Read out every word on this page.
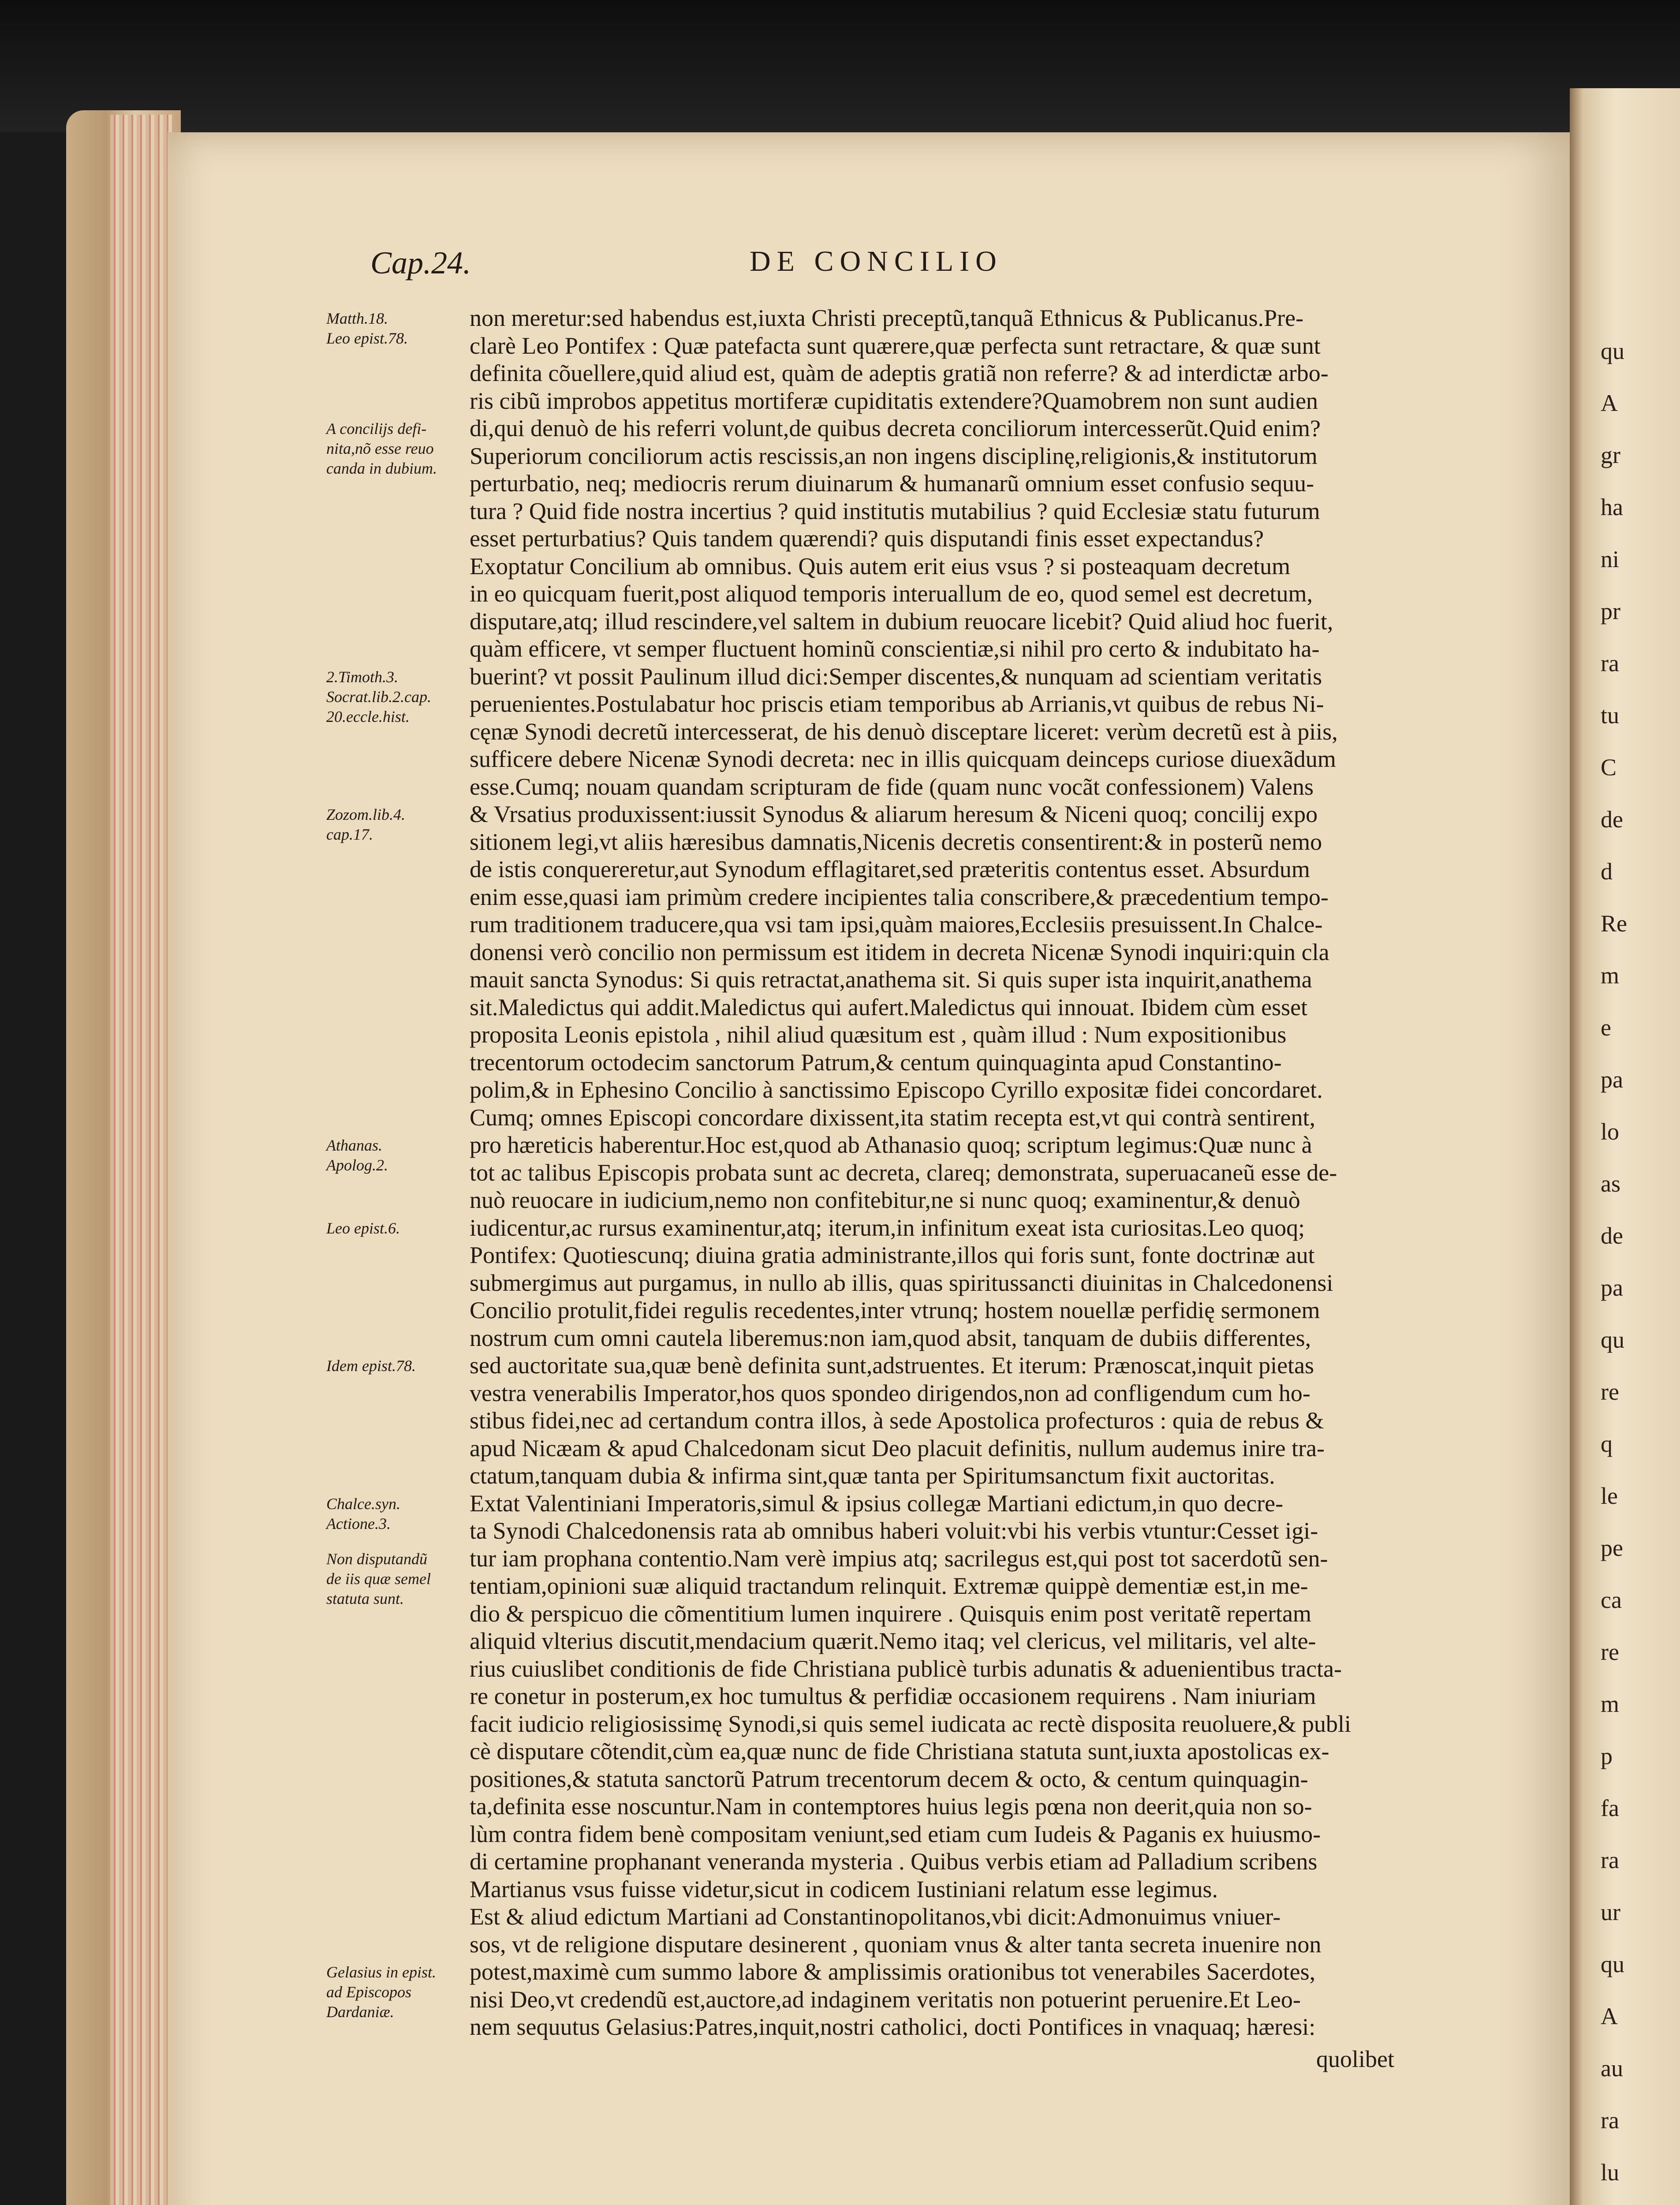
qu
A
gr
ha
ni
pr
ra
tu
C
de
d
Re
m
e
pa
lo
as
de
pa
qu
re
q
le
pe
ca
re
m
p
fa
ra
ur
qu
A
au
ra
lu
Cap.24.	DE CONCILIO
non meretur:sed habendus est,iuxta Christi preceptũ,tanquã Ethnicus & Publicanus.Pre-
clarè Leo Pontifex : Quæ patefacta sunt quærere,quæ perfecta sunt retractare, & quæ sunt
definita cõuellere,quid aliud est, quàm de adeptis gratiã non referre? & ad interdictæ arbo-
ris cibũ improbos appetitus mortiferæ cupiditatis extendere?Quamobrem non sunt audien
di,qui denuò de his referri volunt,de quibus decreta conciliorum intercesserũt.Quid enim?
Superiorum conciliorum actis rescissis,an non ingens disciplinę,religionis,& institutorum
perturbatio, neq; mediocris rerum diuinarum & humanarũ omnium esset confusio sequu-
tura ? Quid fide nostra incertius ? quid institutis mutabilius ? quid Ecclesiæ statu futurum
esset perturbatius? Quis tandem quærendi? quis disputandi finis esset expectandus?
Exoptatur Concilium ab omnibus. Quis autem erit eius vsus ? si posteaquam decretum
in eo quicquam fuerit,post aliquod temporis interuallum de eo, quod semel est decretum,
disputare,atq; illud rescindere,vel saltem in dubium reuocare licebit? Quid aliud hoc fuerit,
quàm efficere, vt semper fluctuent hominũ conscientiæ,si nihil pro certo & indubitato ha-
buerint? vt possit Paulinum illud dici:Semper discentes,& nunquam ad scientiam veritatis
peruenientes.Postulabatur hoc priscis etiam temporibus ab Arrianis,vt quibus de rebus Ni-
cęnæ Synodi decretũ intercesserat, de his denuò disceptare liceret: verùm decretũ est à piis,
sufficere debere Nicenæ Synodi decreta: nec in illis quicquam deinceps curiose diuexãdum
esse.Cumq; nouam quandam scripturam de fide (quam nunc vocãt confessionem) Valens
& Vrsatius produxissent:iussit Synodus & aliarum heresum & Niceni quoq; concilij expo
sitionem legi,vt aliis hæresibus damnatis,Nicenis decretis consentirent:& in posterũ nemo
de istis conquereretur,aut Synodum efflagitaret,sed præteritis contentus esset. Absurdum
enim esse,quasi iam primùm credere incipientes talia conscribere,& præcedentium tempo-
rum traditionem traducere,qua vsi tam ipsi,quàm maiores,Ecclesiis presuissent.In Chalce-
donensi verò concilio non permissum est itidem in decreta Nicenæ Synodi inquiri:quin cla
mauit sancta Synodus: Si quis retractat,anathema sit. Si quis super ista inquirit,anathema
sit.Maledictus qui addit.Maledictus qui aufert.Maledictus qui innouat. Ibidem cùm esset
proposita Leonis epistola , nihil aliud quæsitum est , quàm illud : Num expositionibus
trecentorum octodecim sanctorum Patrum,& centum quinquaginta apud Constantino-
polim,& in Ephesino Concilio à sanctissimo Episcopo Cyrillo expositæ fidei concordaret.
Cumq; omnes Episcopi concordare dixissent,ita statim recepta est,vt qui contrà sentirent,
pro hæreticis haberentur.Hoc est,quod ab Athanasio quoq; scriptum legimus:Quæ nunc à
tot ac talibus Episcopis probata sunt ac decreta, clareq; demonstrata, superuacaneũ esse de-
nuò reuocare in iudicium,nemo non confitebitur,ne si nunc quoq; examinentur,& denuò
iudicentur,ac rursus examinentur,atq; iterum,in infinitum exeat ista curiositas.Leo quoq;
Pontifex: Quotiescunq; diuina gratia administrante,illos qui foris sunt, fonte doctrinæ aut
submergimus aut purgamus, in nullo ab illis, quas spiritussancti diuinitas in Chalcedonensi
Concilio protulit,fidei regulis recedentes,inter vtrunq; hostem nouellæ perfidię sermonem
nostrum cum omni cautela liberemus:non iam,quod absit, tanquam de dubiis differentes,
sed auctoritate sua,quæ benè definita sunt,adstruentes. Et iterum: Prænoscat,inquit pietas
vestra venerabilis Imperator,hos quos spondeo dirigendos,non ad confligendum cum ho-
stibus fidei,nec ad certandum contra illos, à sede Apostolica profecturos : quia de rebus &
apud Nicæam & apud Chalcedonam sicut Deo placuit definitis, nullum audemus inire tra-
ctatum,tanquam dubia & infirma sint,quæ tanta per Spiritumsanctum fixit auctoritas.
Extat Valentiniani Imperatoris,simul & ipsius collegæ Martiani edictum,in quo decre-
ta Synodi Chalcedonensis rata ab omnibus haberi voluit:vbi his verbis vtuntur:Cesset igi-
tur iam prophana contentio.Nam verè impius atq; sacrilegus est,qui post tot sacerdotũ sen-
tentiam,opinioni suæ aliquid tractandum relinquit. Extremæ quippè dementiæ est,in me-
dio & perspicuo die cõmentitium lumen inquirere . Quisquis enim post veritatẽ repertam
aliquid vlterius discutit,mendacium quærit.Nemo itaq; vel clericus, vel militaris, vel alte-
rius cuiuslibet conditionis de fide Christiana publicè turbis adunatis & aduenientibus tracta-
re conetur in posterum,ex hoc tumultus & perfidiæ occasionem requirens . Nam iniuriam
facit iudicio religiosissimę Synodi,si quis semel iudicata ac rectè disposita reuoluere,& publi
cè disputare cõtendit,cùm ea,quæ nunc de fide Christiana statuta sunt,iuxta apostolicas ex-
positiones,& statuta sanctorũ Patrum trecentorum decem & octo, & centum quinquagin-
ta,definita esse noscuntur.Nam in contemptores huius legis pœna non deerit,quia non so-
lùm contra fidem benè compositam veniunt,sed etiam cum Iudeis & Paganis ex huiusmo-
di certamine prophanant veneranda mysteria . Quibus verbis etiam ad Palladium scribens
Martianus vsus fuisse videtur,sicut in codicem Iustiniani relatum esse legimus.
Est & aliud edictum Martiani ad Constantinopolitanos,vbi dicit:Admonuimus vniuer-
sos, vt de religione disputare desinerent , quoniam vnus & alter tanta secreta inuenire non
potest,maximè cum summo labore & amplissimis orationibus tot venerabiles Sacerdotes,
nisi Deo,vt credendũ est,auctore,ad indaginem veritatis non potuerint peruenire.Et Leo-
nem sequutus Gelasius:Patres,inquit,nostri catholici, docti Pontifices in vnaquaq; hæresi:
Matth.18.
Leo epist.78.
A concilijs defi-
nita,nõ esse reuo
canda in dubium.
2.Timoth.3.
Socrat.lib.2.cap.
20.eccle.hist.
Zozom.lib.4.
cap.17.
Athanas.
Apolog.2.
Leo epist.6.
Idem epist.78.
Chalce.syn.
Actione.3.
Non disputandũ
de iis quæ semel
statuta sunt.
Gelasius in epist.
ad Episcopos
Dardaniæ.
quolibet
